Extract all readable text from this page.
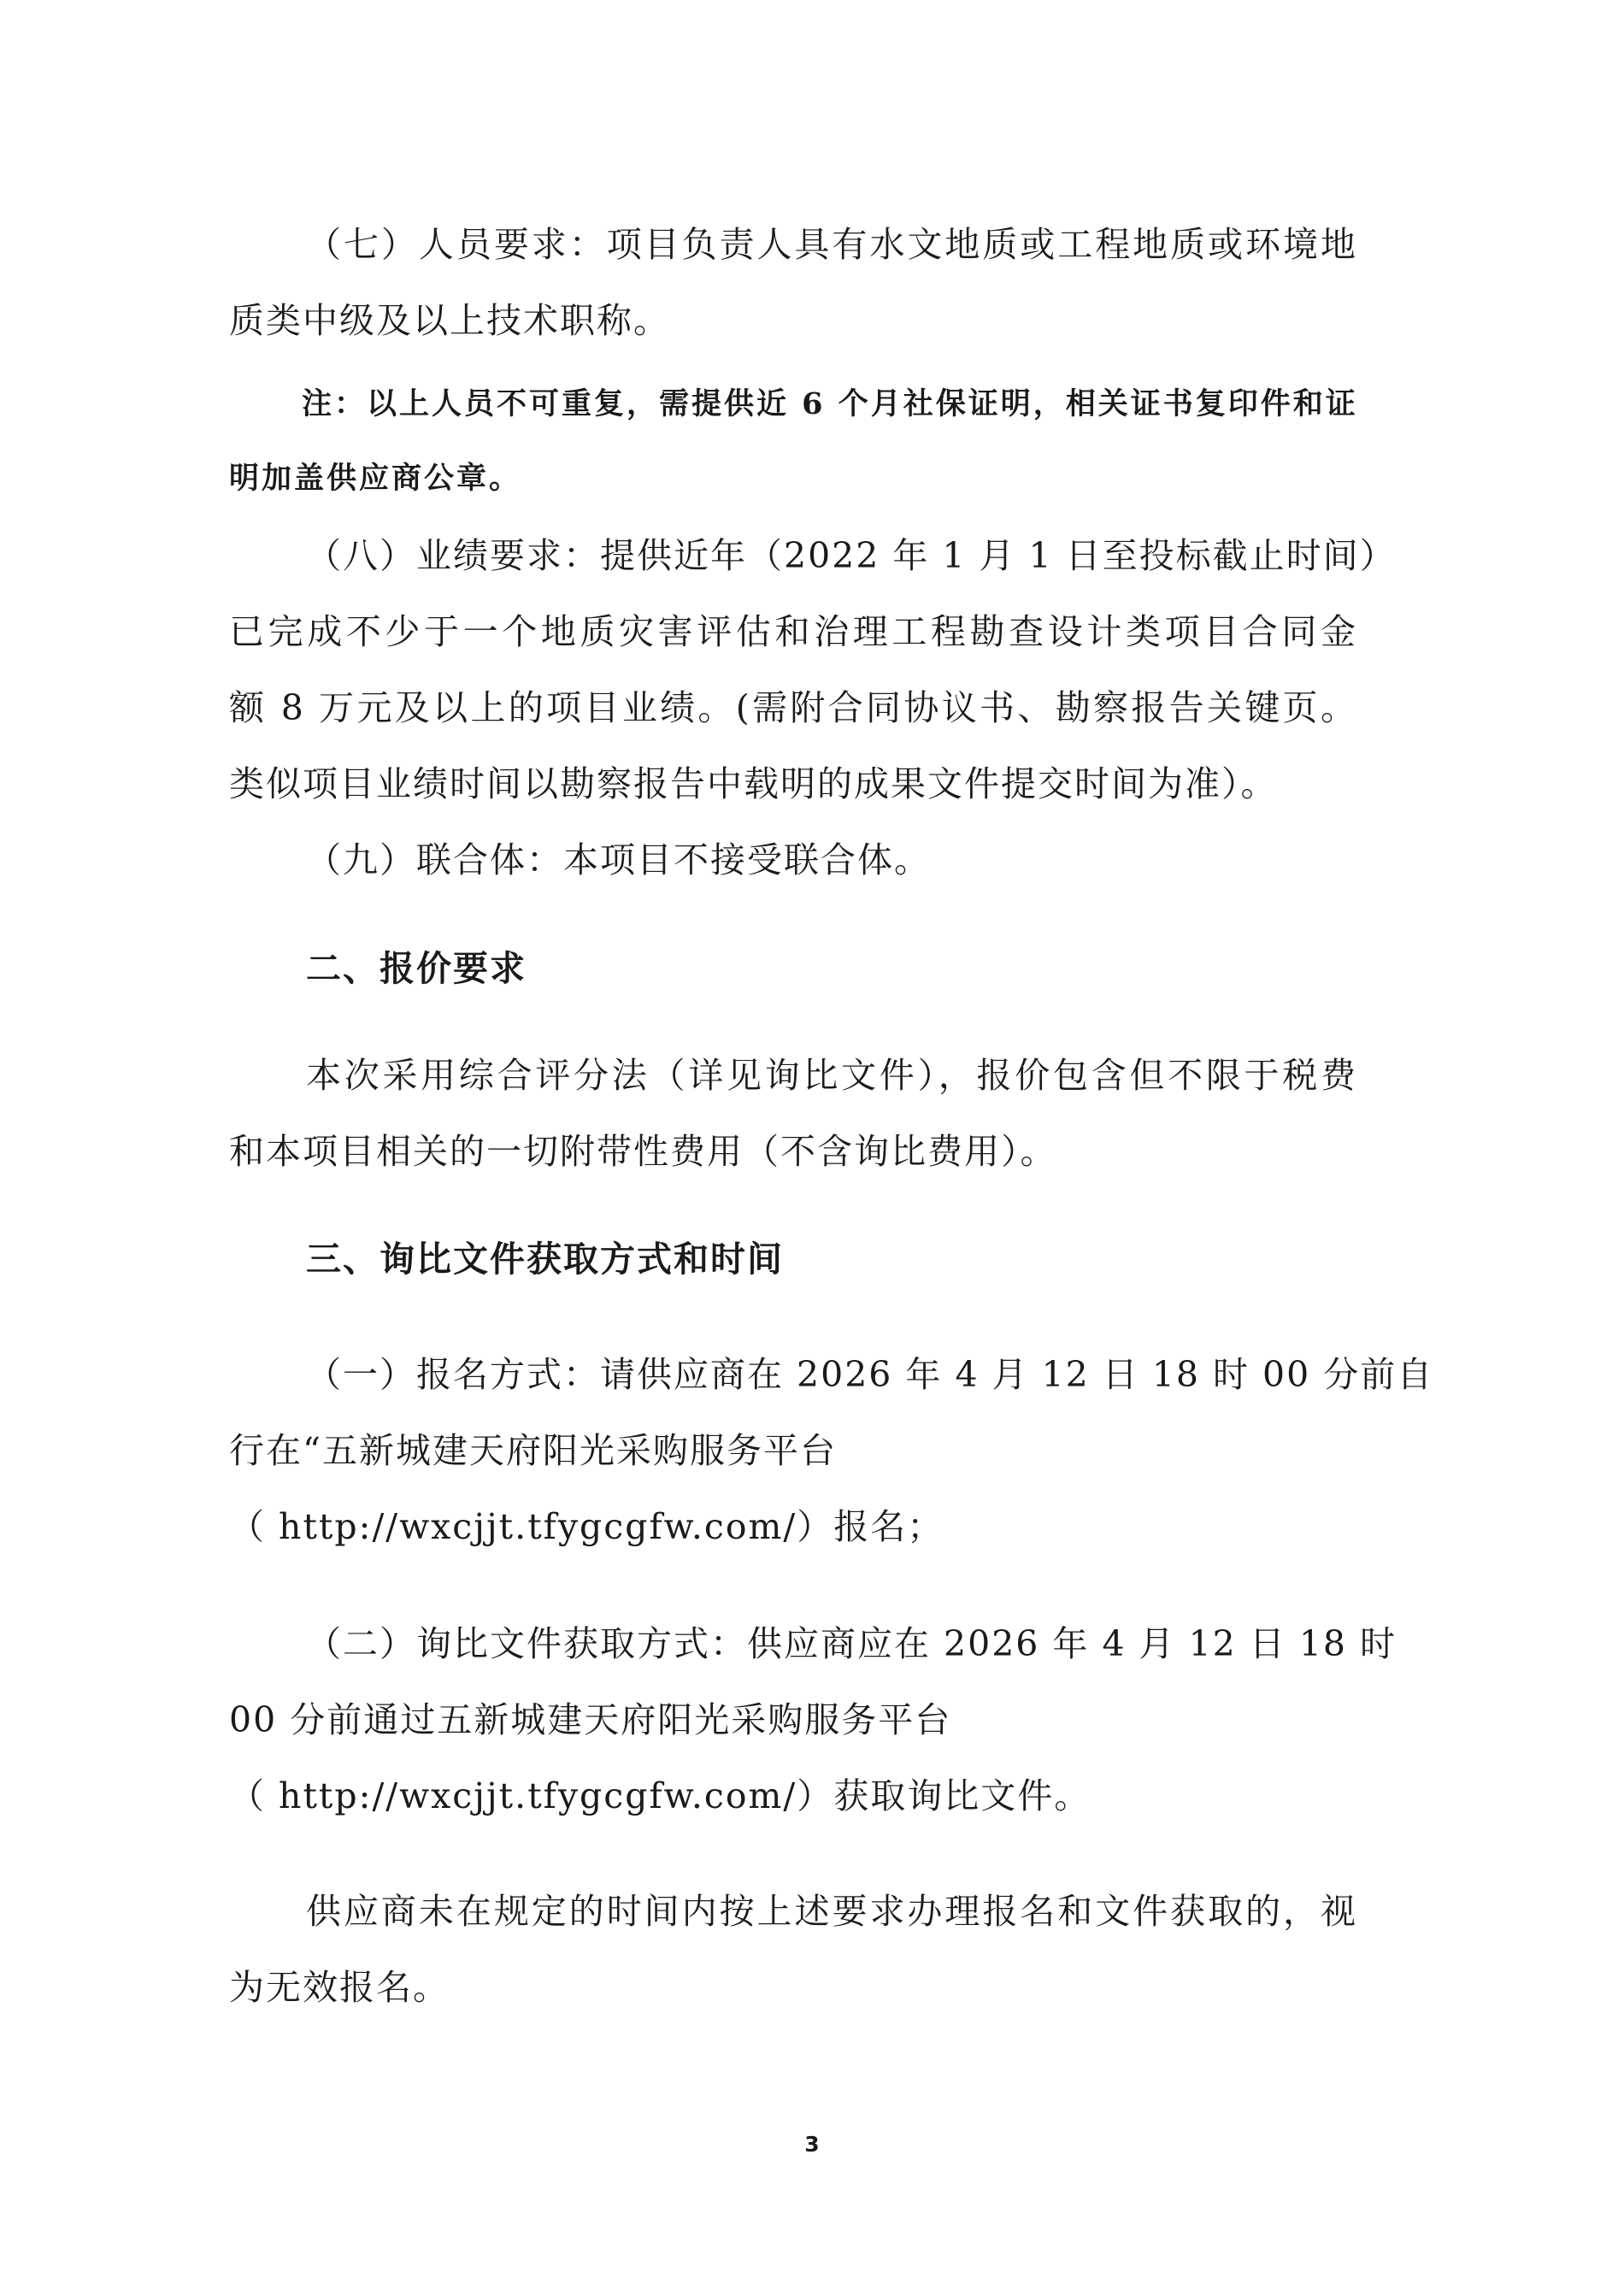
（七）人员要求：项目负责人具有水文地质或工程地质或环境地
质类中级及以上技术职称。
注：以上人员不可重复，需提供近 6 个月社保证明，相关证书复印件和证
明加盖供应商公章。
（八）业绩要求：提供近年（2022 年 1 月 1 日至投标截止时间）
已完成不少于一个地质灾害评估和治理工程勘查设计类项目合同金
额 8 万元及以上的项目业绩。(需附合同协议书、勘察报告关键页。
类似项目业绩时间以勘察报告中载明的成果文件提交时间为准）。
（九）联合体：本项目不接受联合体。
二、报价要求
本次采用综合评分法（详见询比文件），报价包含但不限于税费
和本项目相关的一切附带性费用（不含询比费用）。
三、询比文件获取方式和时间
（一）报名方式：请供应商在 2026 年 4 月 12 日 18 时 00 分前自
行在“五新城建天府阳光采购服务平台
（ http://wxcjjt.tfygcgfw.com/）报名；
（二）询比文件获取方式：供应商应在 2026 年 4 月 12 日 18 时
00 分前通过五新城建天府阳光采购服务平台
（ http://wxcjjt.tfygcgfw.com/）获取询比文件。
供应商未在规定的时间内按上述要求办理报名和文件获取的，视
为无效报名。
3
